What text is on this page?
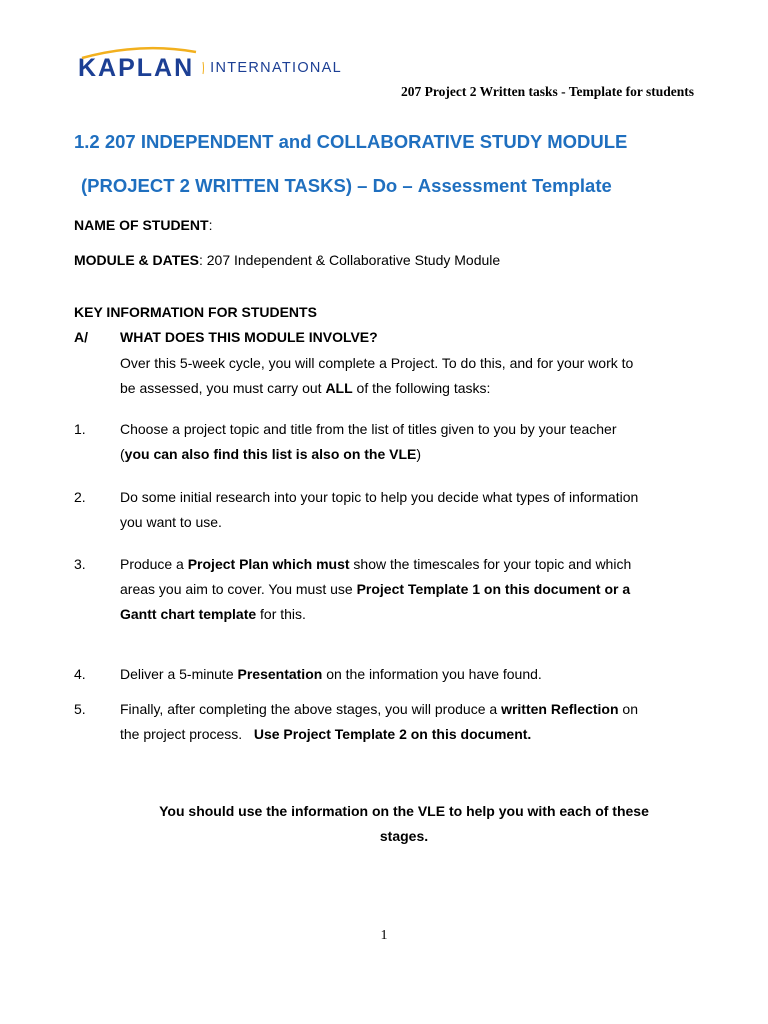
KAPLAN INTERNATIONAL
207 Project 2 Written tasks - Template for students
1.2 207 INDEPENDENT and COLLABORATIVE STUDY MODULE
(PROJECT 2 WRITTEN TASKS) – Do – Assessment Template
NAME OF STUDENT:
MODULE & DATES: 207 Independent & Collaborative Study Module
KEY INFORMATION FOR STUDENTS
A/ WHAT DOES THIS MODULE INVOLVE?
Over this 5-week cycle, you will complete a Project. To do this, and for your work to
be assessed, you must carry out ALL of the following tasks:
1. Choose a project topic and title from the list of titles given to you by your teacher
(you can also find this list is also on the VLE)
2. Do some initial research into your topic to help you decide what types of information
you want to use.
3. Produce a Project Plan which must show the timescales for your topic and which
areas you aim to cover. You must use Project Template 1 on this document or a
Gantt chart template for this.
4. Deliver a 5-minute Presentation on the information you have found.
5. Finally, after completing the above stages, you will produce a written Reflection on
the project process.   Use Project Template 2 on this document.
You should use the information on the VLE to help you with each of these
stages.
1
